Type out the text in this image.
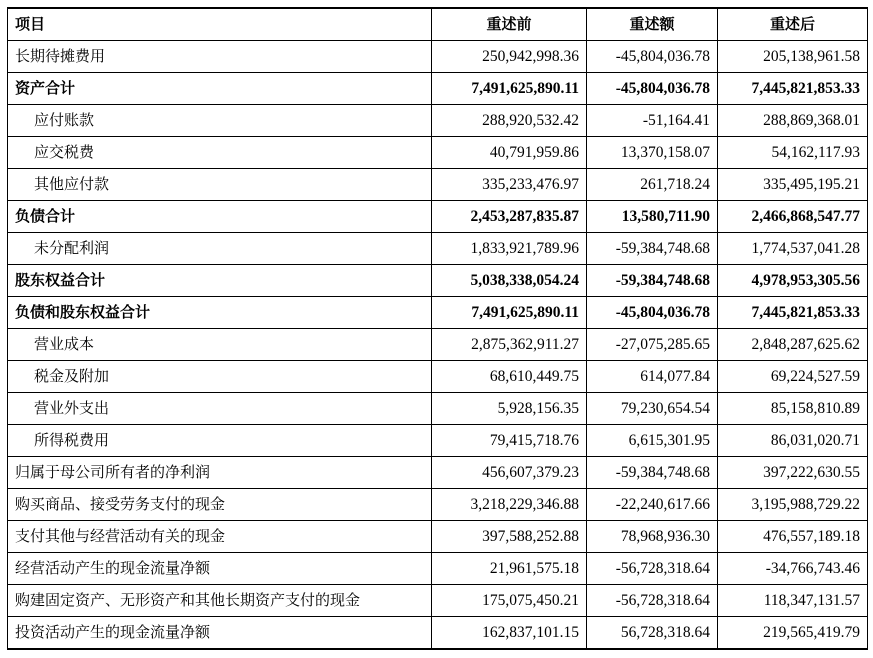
项目	重述前	重述额	重述后
长期待摊费用	250,942,998.36	-45,804,036.78	205,138,961.58
资产合计	7,491,625,890.11	-45,804,036.78	7,445,821,853.33
应付账款	288,920,532.42	-51,164.41	288,869,368.01
应交税费	40,791,959.86	13,370,158.07	54,162,117.93
其他应付款	335,233,476.97	261,718.24	335,495,195.21
负债合计	2,453,287,835.87	13,580,711.90	2,466,868,547.77
未分配利润	1,833,921,789.96	-59,384,748.68	1,774,537,041.28
股东权益合计	5,038,338,054.24	-59,384,748.68	4,978,953,305.56
负债和股东权益合计	7,491,625,890.11	-45,804,036.78	7,445,821,853.33
营业成本	2,875,362,911.27	-27,075,285.65	2,848,287,625.62
税金及附加	68,610,449.75	614,077.84	69,224,527.59
营业外支出	5,928,156.35	79,230,654.54	85,158,810.89
所得税费用	79,415,718.76	6,615,301.95	86,031,020.71
归属于母公司所有者的净利润	456,607,379.23	-59,384,748.68	397,222,630.55
购买商品、接受劳务支付的现金	3,218,229,346.88	-22,240,617.66	3,195,988,729.22
支付其他与经营活动有关的现金	397,588,252.88	78,968,936.30	476,557,189.18
经营活动产生的现金流量净额	21,961,575.18	-56,728,318.64	-34,766,743.46
购建固定资产、无形资产和其他长期资产支付的现金	175,075,450.21	-56,728,318.64	118,347,131.57
投资活动产生的现金流量净额	162,837,101.15	56,728,318.64	219,565,419.79
